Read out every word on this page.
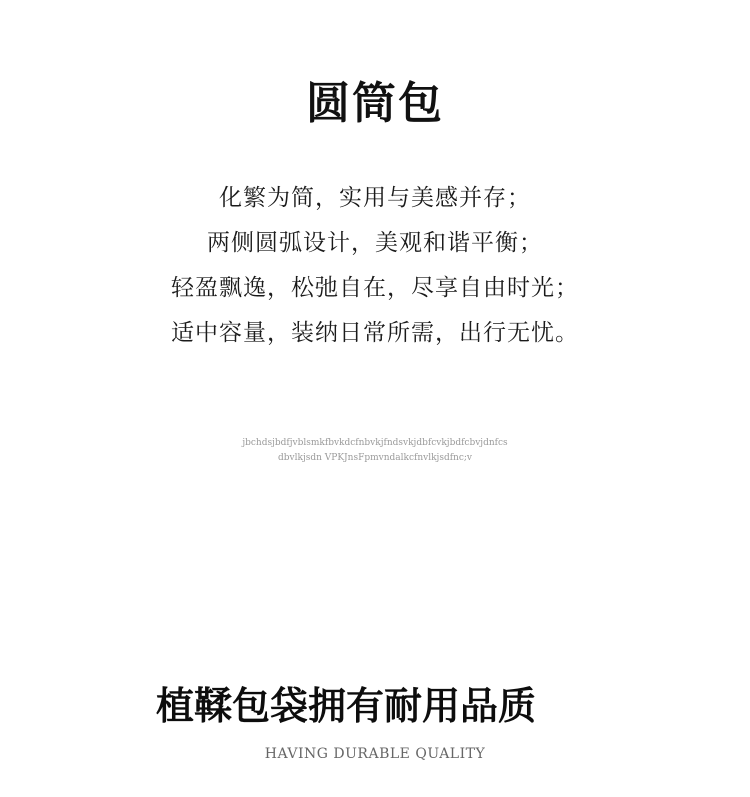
圆筒包
化繁为简，实用与美感并存；
两侧圆弧设计，美观和谐平衡；
轻盈飘逸，松弛自在，尽享自由时光；
适中容量，装纳日常所需，出行无忧。
jbchdsjbdfjvblsmkfbvkdcfnbvkjfndsvkjdbfcvkjbdfcbvjdnfcs
dbvlkjsdn VPKJnsFpmvndalkcfnvlkjsdfnc;v
植鞣包袋拥有耐用品质
HAVING DURABLE QUALITY
